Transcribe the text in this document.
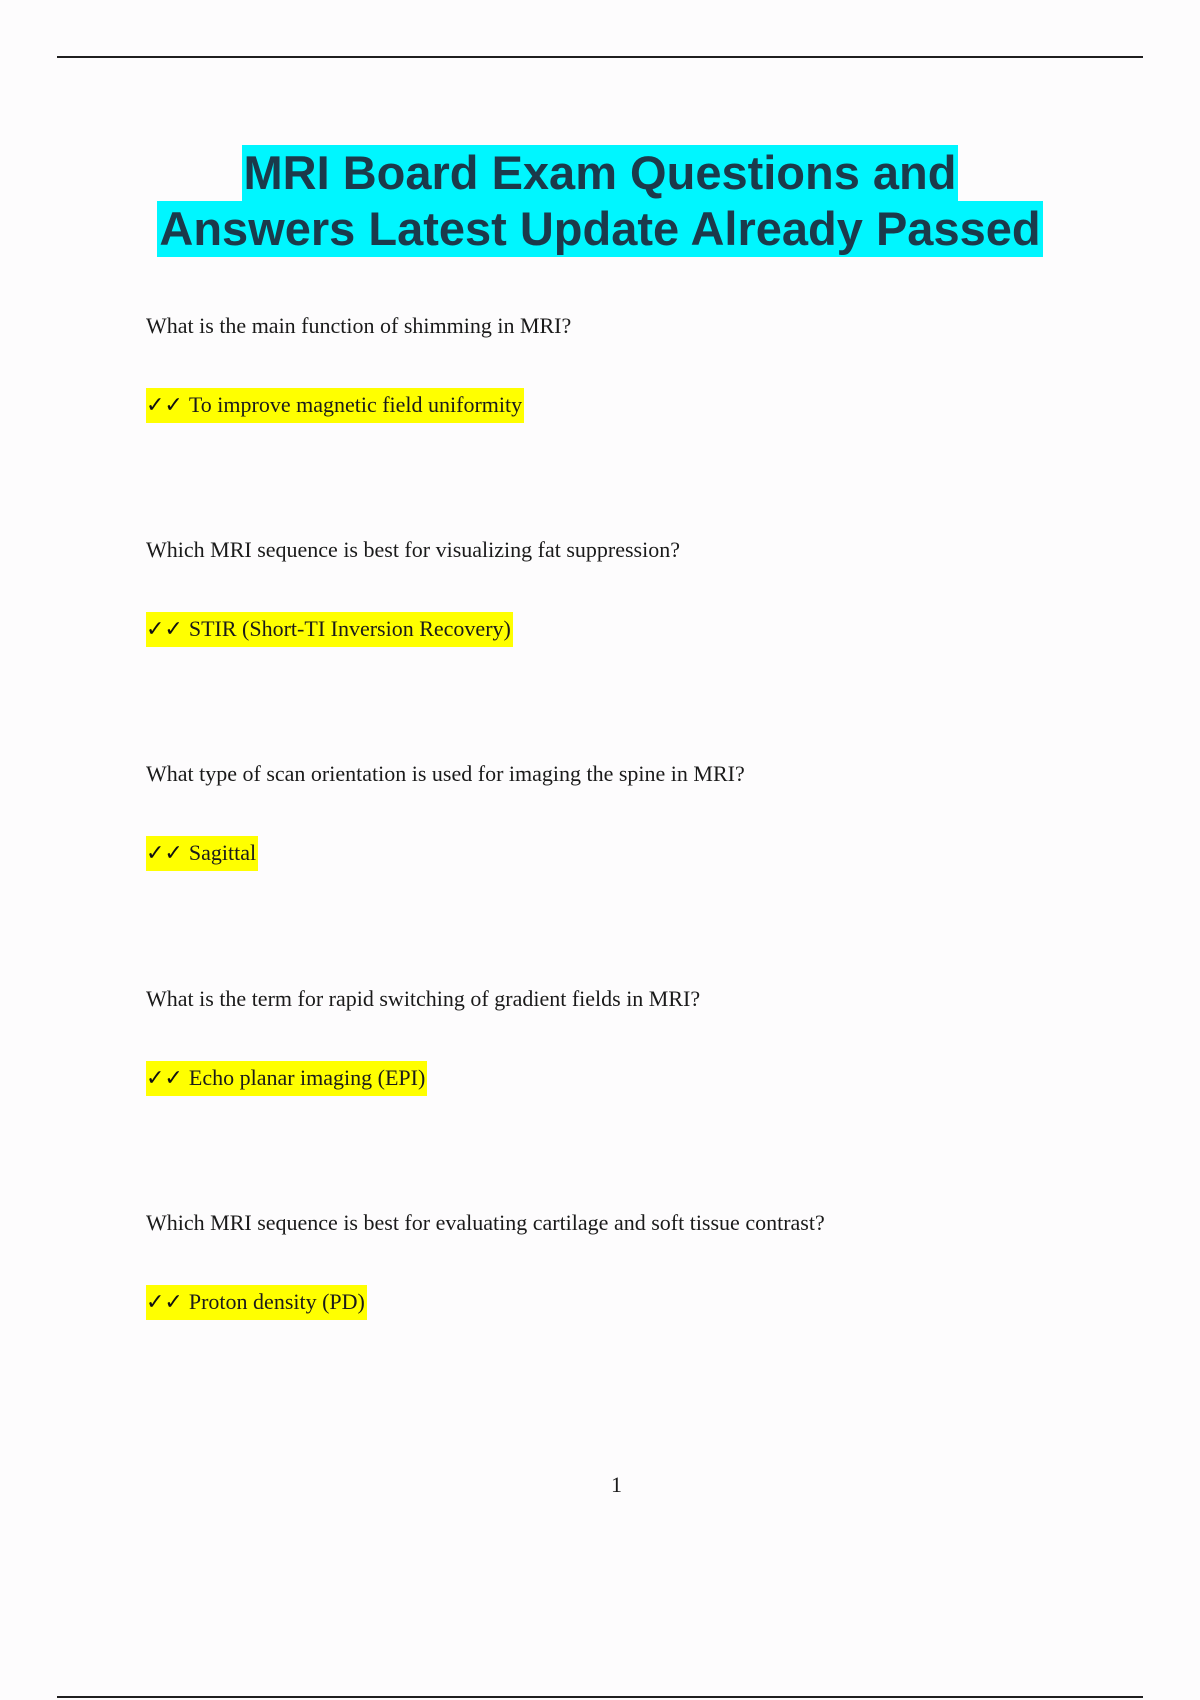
MRI Board Exam Questions and
Answers Latest Update Already Passed
What is the main function of shimming in MRI?
✓✓ To improve magnetic field uniformity
Which MRI sequence is best for visualizing fat suppression?
✓✓ STIR (Short-TI Inversion Recovery)
What type of scan orientation is used for imaging the spine in MRI?
✓✓ Sagittal
What is the term for rapid switching of gradient fields in MRI?
✓✓ Echo planar imaging (EPI)
Which MRI sequence is best for evaluating cartilage and soft tissue contrast?
✓✓ Proton density (PD)
1
